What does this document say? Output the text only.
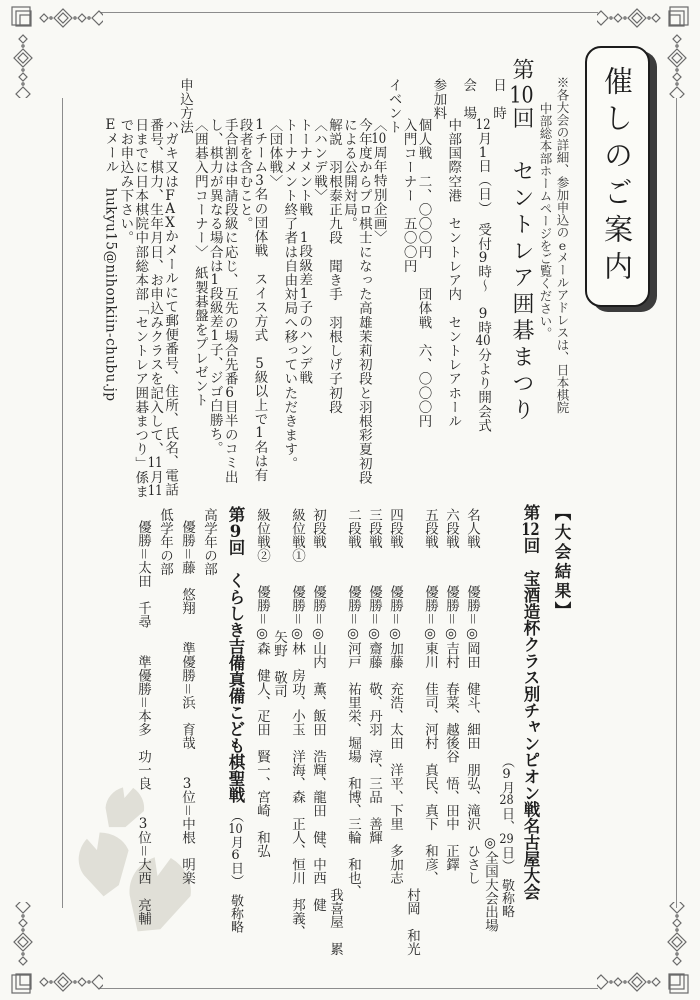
催しのご案内

※各大会の詳細、参加申込のeメールアドレスは、日本棋院

中部総本部ホームページをご覧ください。

第10回　セントレア囲碁まつり

日　時

12月1日（日）　受付9時～　9時40分より開会式

会　場

中部国際空港　セントレア内　セントレアホール

参加料

個人戦　二、〇〇〇円　　団体戦　六、〇〇〇円

入門コーナー　五〇〇円

イベント

〈10周年特別企画〉

今年度からプロ棋士になった高雄茉莉初段と羽根彩夏初段

による公開対局。

解説　羽根泰正九段　聞き手　羽根しげ子初段

〈ハンデ戦〉

トーナメント戦　1段級差1子のハンデ戦

トーナメント終了者は自由対局へ移っていただきます。

〈団体戦〉

1チーム3名の団体戦　スイス方式　5級以上で1名は有

段者を含むこと。

手合割は申請段級に応じ、互先の場合先番6目半のコミ出

し、棋力が異なる場合は1段級差1子、ジゴ白勝ち。

〈囲碁入門コーナー〉　紙製碁盤をプレゼント

申込方法

ハガキ又はFAXかメールにて郵便番号、住所、氏名、電話

番号、棋力、生年月日、お申込みクラスを記入して、11月11

日までに日本棋院中部総本部「セントレア囲碁まつり」係ま

でお申込み下さい。

Eメール　hukyu15@nihonkiin-chubu.jp

【大会結果】

第12回　宝酒造杯クラス別チャンピオン戦名古屋大会

（9月28日、29日）　敬称略

◎全国大会出場

名人戦優勝＝◎岡田　健斗、細田　朋弘、滝沢　ひさし

六段戦優勝＝◎吉村　春菜、越後谷　悟、田中　正鐸

五段戦優勝＝◎東川　佳司、河村　真民、真下　和彦、

村岡　和光

四段戦優勝＝◎加藤　充浩、太田　洋平、下里　多加志

三段戦優勝＝◎齋藤　敬、丹羽　淳、三品　善輝

二段戦優勝＝◎河戸　祐里栄、堀場　和博、三輪　和也、

我喜屋　累

初段戦優勝＝◎山内　薫、飯田　浩輝、龍田　健、中西　健

級位戦①優勝＝◎林　房功、小玉　洋海、森　正人、恒川　邦義、

矢野　敬司

級位戦②優勝＝◎森　健人、疋田　賢一、宮崎　和弘

第9回　くらしき吉備真備こども棋聖戦　（10月6日）　敬称略

高学年の部

優勝＝藤　悠翔　　準優勝＝浜　育哉　　3位＝中根　明楽

低学年の部

優勝＝太田　千尋　　準優勝＝本多　功一良　　3位＝大西　亮輔
